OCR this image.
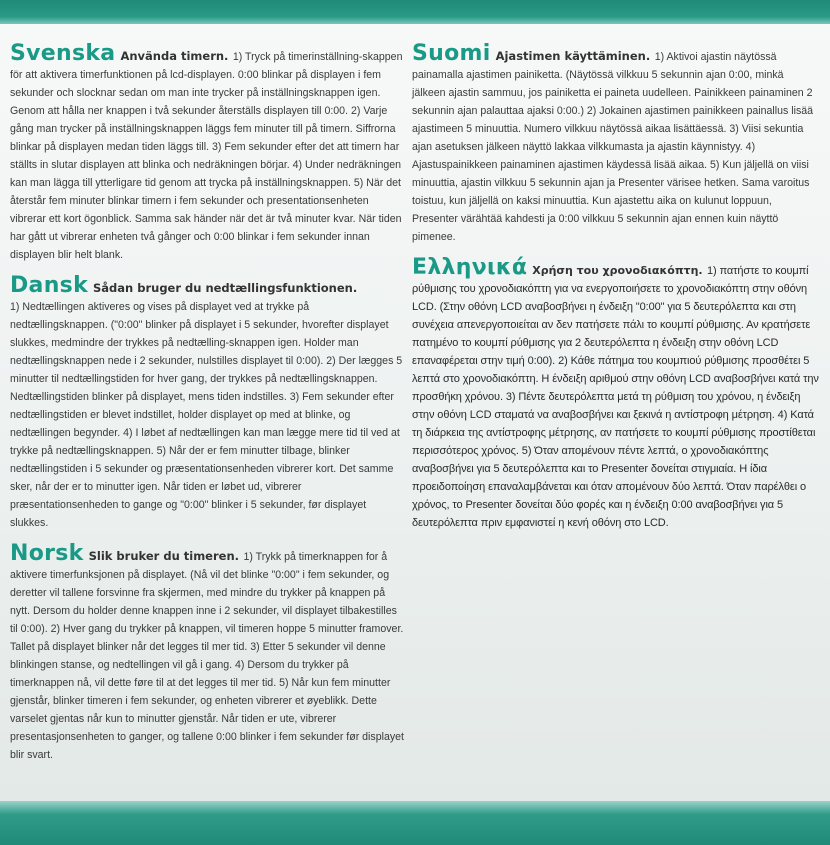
Svenska Använda timern. 1) Tryck på timerinställning-skappen för att aktivera timerfunktionen på lcd-displayen. 0:00 blinkar på displayen i fem sekunder och slocknar sedan om man inte trycker på inställningsknappen igen. Genom att hålla ner knappen i två sekunder återställs displayen till 0:00. 2) Varje gång man trycker på inställningsknappen läggs fem minuter till på timern. Siffrorna blinkar på displayen medan tiden läggs till. 3) Fem sekunder efter det att timern har ställts in slutar displayen att blinka och nedräkningen börjar. 4) Under nedräkningen kan man lägga till ytterligare tid genom att trycka på inställningsknappen. 5) När det återstår fem minuter blinkar timern i fem sekunder och presentationsenheten vibrerar ett kort ögonblick. Samma sak händer när det är två minuter kvar. När tiden har gått ut vibrerar enheten två gånger och 0:00 blinkar i fem sekunder innan displayen blir helt blank.

Dansk Sådan bruger du nedtællingsfunktionen.
1) Nedtællingen aktiveres og vises på displayet ved at trykke på nedtællingsknappen. ("0:00" blinker på displayet i 5 sekunder, hvorefter displayet slukkes, medmindre der trykkes på nedtælling-sknappen igen. Holder man nedtællingsknappen nede i 2 sekunder, nulstilles displayet til 0:00). 2) Der lægges 5 minutter til nedtællingstiden for hver gang, der trykkes på nedtællingsknappen. Nedtællingstiden blinker på displayet, mens tiden indstilles. 3) Fem sekunder efter nedtællingstiden er blevet indstillet, holder displayet op med at blinke, og nedtællingen begynder. 4) I løbet af nedtællingen kan man lægge mere tid til ved at trykke på nedtællingsknappen. 5) Når der er fem minutter tilbage, blinker nedtællingstiden i 5 sekunder og præsentationsenheden vibrerer kort. Det samme sker, når der er to minutter igen. Når tiden er løbet ud, vibrerer præsentationsenheden to gange og "0:00" blinker i 5 sekunder, før displayet slukkes.

Norsk Slik bruker du timeren. 1) Trykk på timerknappen for å aktivere timerfunksjonen på displayet. (Nå vil det blinke "0:00" i fem sekunder, og deretter vil tallene forsvinne fra skjermen, med mindre du trykker på knappen på nytt. Dersom du holder denne knappen inne i 2 sekunder, vil displayet tilbakestilles til 0:00). 2) Hver gang du trykker på knappen, vil timeren hoppe 5 minutter framover. Tallet på displayet blinker når det legges til mer tid. 3) Etter 5 sekunder vil denne blinkingen stanse, og nedtellingen vil gå i gang. 4) Dersom du trykker på timerknappen nå, vil dette føre til at det legges til mer tid. 5) Når kun fem minutter gjenstår, blinker timeren i fem sekunder, og enheten vibrerer et øyeblikk. Dette varselet gjentas når kun to minutter gjenstår. Når tiden er ute, vibrerer presentasjonsenheten to ganger, og tallene 0:00 blinker i fem sekunder før displayet blir svart.

Suomi Ajastimen käyttäminen. 1) Aktivoi ajastin näytössä painamalla ajastimen painiketta. (Näytössä vilkkuu 5 sekunnin ajan 0:00, minkä jälkeen ajastin sammuu, jos painiketta ei paineta uudelleen. Painikkeen painaminen 2 sekunnin ajan palauttaa ajaksi 0:00.) 2) Jokainen ajastimen painikkeen painallus lisää ajastimeen 5 minuuttia. Numero vilkkuu näytössä aikaa lisättäessä. 3) Viisi sekuntia ajan asetuksen jälkeen näyttö lakkaa vilkkumasta ja ajastin käynnistyy. 4) Ajastuspainikkeen painaminen ajastimen käydessä lisää aikaa. 5) Kun jäljellä on viisi minuuttia, ajastin vilkkuu 5 sekunnin ajan ja Presenter värisee hetken. Sama varoitus toistuu, kun jäljellä on kaksi minuuttia. Kun ajastettu aika on kulunut loppuun, Presenter värähtää kahdesti ja 0:00 vilkkuu 5 sekunnin ajan ennen kuin näyttö pimenee.

Ελληνικά Χρήση του χρονοδιακόπτη. 1) πατήστε το κουμπί ρύθμισης του χρονοδιακόπτη για να ενεργοποιήσετε το χρονοδιακόπτη στην οθόνη LCD. (Στην οθόνη LCD αναβοσβήνει η ένδειξη "0:00" για 5 δευτερόλεπτα και στη συνέχεια απενεργοποιείται αν δεν πατήσετε πάλι το κουμπί ρύθμισης. Αν κρατήσετε πατημένο το κουμπί ρύθμισης για 2 δευτερόλεπτα η ένδειξη στην οθόνη LCD επαναφέρεται στην τιμή 0:00). 2) Κάθε πάτημα του κουμπιού ρύθμισης προσθέτει 5 λεπτά στο χρονοδιακόπτη. Η ένδειξη αριθμού στην οθόνη LCD αναβοσβήνει κατά την προσθήκη χρόνου. 3) Πέντε δευτερόλεπτα μετά τη ρύθμιση του χρόνου, η ένδειξη στην οθόνη LCD σταματά να αναβοσβήνει και ξεκινά η αντίστροφη μέτρηση. 4) Κατά τη διάρκεια της αντίστροφης μέτρησης, αν πατήσετε το κουμπί ρύθμισης προστίθεται περισσότερος χρόνος. 5) Όταν απομένουν πέντε λεπτά, ο χρονοδιακόπτης αναβοσβήνει για 5 δευτερόλεπτα και το Presenter δονείται στιγμιαία. Η ίδια προειδοποίηση επαναλαμβάνεται και όταν απομένουν δύο λεπτά. Όταν παρέλθει ο χρόνος, το Presenter δονείται δύο φορές και η ένδειξη 0:00 αναβοσβήνει για 5 δευτερόλεπτα πριν εμφανιστεί η κενή οθόνη στο LCD.
